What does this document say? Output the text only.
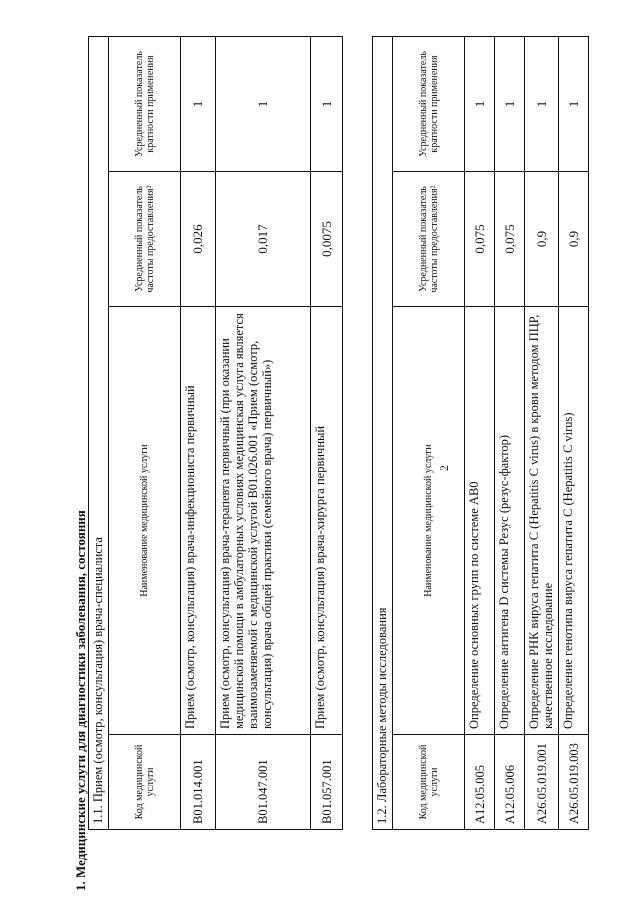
2
1. Медицинские услуги для диагностики заболевания, состояния 1.1. Прием (осмотр, консультация) врача-специалиста			
Код медицинской услуги	Наименование медицинской услуги	Усредненный показатель частоты предоставления²	Усредненный показатель кратности применения
B01.014.001	Прием (осмотр, консультация) врача-инфекциониста первичный	0,026	1
B01.047.001	Прием (осмотр, консультация) врача-терапевта первичный (при оказании медицинской помощи в амбулаторных условиях медицинская услуга является взаимозаменяемой с медицинской услугой B01.026.001 «Прием (осмотр, консультация) врача общей практики (семейного врача) первичный»)	0,017	1
B01.057.001	Прием (осмотр, консультация) врача-хирурга первичный	0,0075	1
1.2. Лабораторные методы исследования			
Код медицинской услуги	Наименование медицинской услуги	Усредненный показатель частоты предоставления²	Усредненный показатель кратности применения
A12.05.005	Определение основных групп по системе AB0	0,075	1
A12.05.006	Определение антигена D системы Резус (резус-фактор)	0,075	1
A26.05.019.001	Определение РНК вируса гепатита C (Hepatitis C virus) в крови методом ПЦР, качественное исследование	0,9	1
A26.05.019.003	Определение генотипа вируса гепатита C (Hepatitis C virus)	0,9	1
